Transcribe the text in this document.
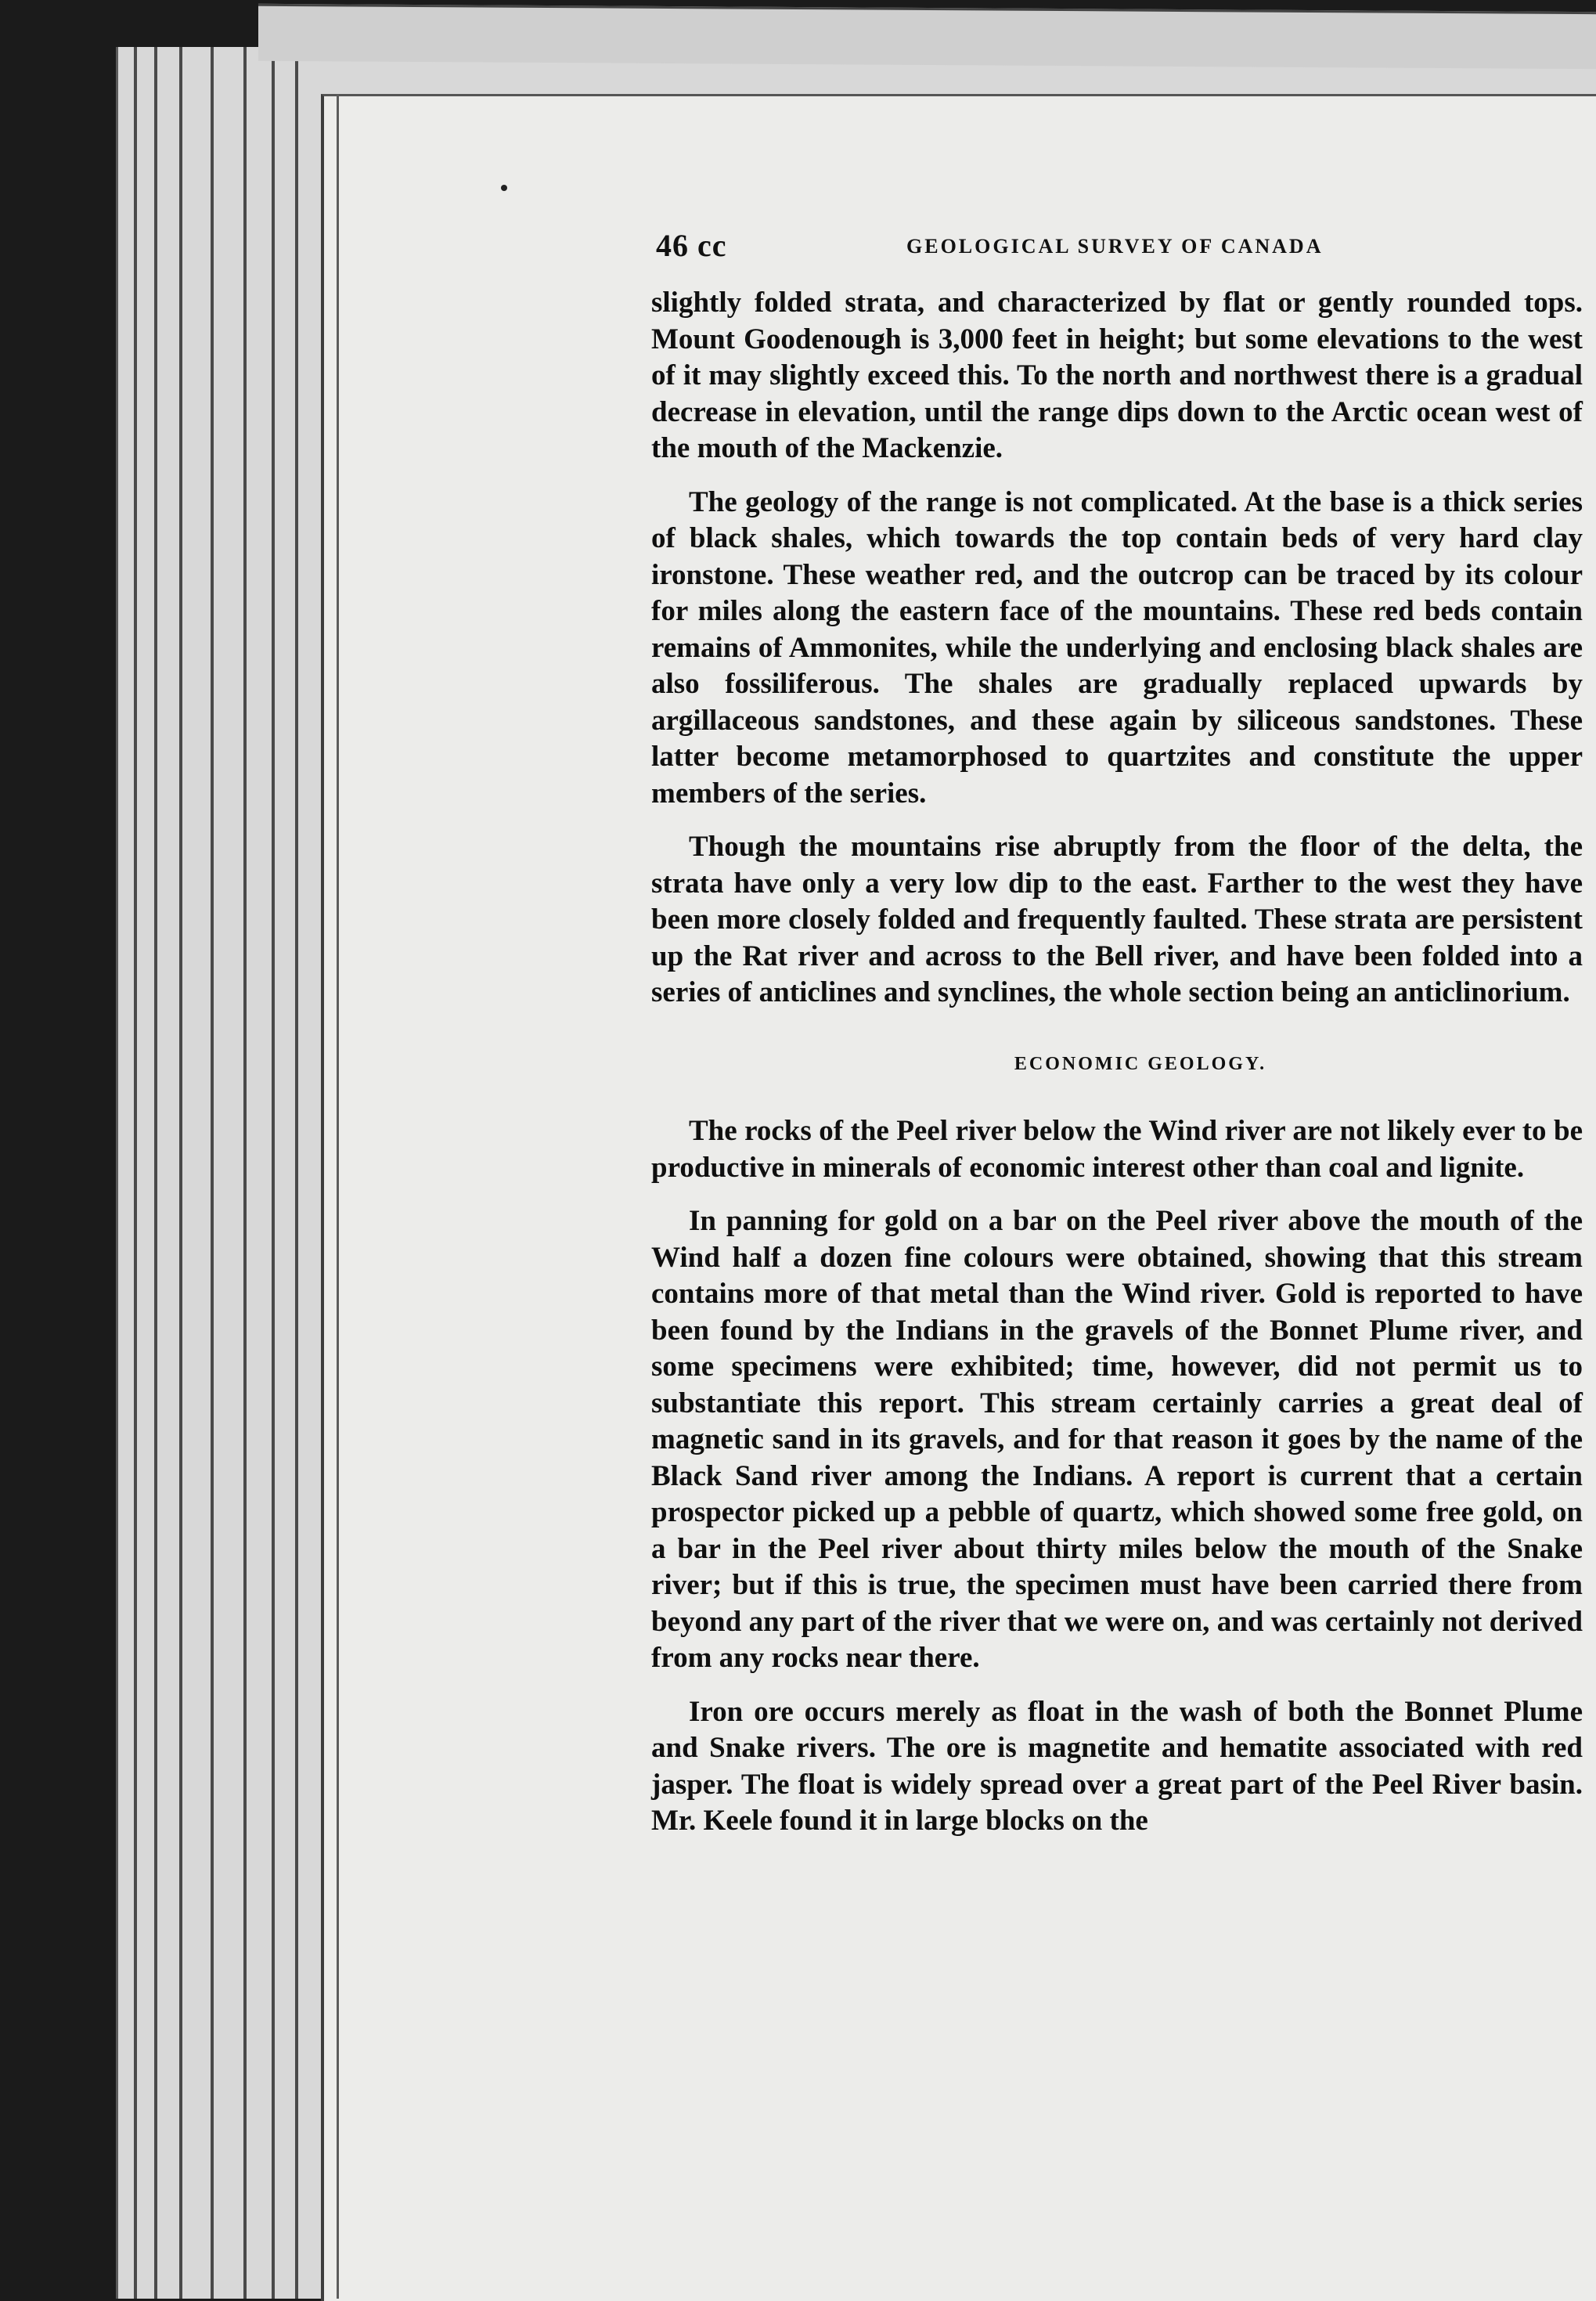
46 cc	GEOLOGICAL SURVEY OF CANADA

slightly folded strata, and characterized by flat or gently rounded tops. Mount Goodenough is 3,000 feet in height; but some elevations to the west of it may slightly exceed this. To the north and northwest there is a gradual decrease in elevation, until the range dips down to the Arctic ocean west of the mouth of the Mackenzie.

The geology of the range is not complicated. At the base is a thick series of black shales, which towards the top contain beds of very hard clay ironstone. These weather red, and the outcrop can be traced by its colour for miles along the eastern face of the mountains. These red beds contain remains of Ammonites, while the underlying and enclosing black shales are also fossiliferous. The shales are gradually replaced upwards by argillaceous sandstones, and these again by siliceous sandstones. These latter become metamorphosed to quartzites and constitute the upper members of the series.

Though the mountains rise abruptly from the floor of the delta, the strata have only a very low dip to the east. Farther to the west they have been more closely folded and frequently faulted. These strata are persistent up the Rat river and across to the Bell river, and have been folded into a series of anticlines and synclines, the whole section being an anticlinorium.

ECONOMIC GEOLOGY.

The rocks of the Peel river below the Wind river are not likely ever to be productive in minerals of economic interest other than coal and lignite.

In panning for gold on a bar on the Peel river above the mouth of the Wind half a dozen fine colours were obtained, showing that this stream contains more of that metal than the Wind river. Gold is reported to have been found by the Indians in the gravels of the Bonnet Plume river, and some specimens were exhibited; time, however, did not permit us to substantiate this report. This stream certainly carries a great deal of magnetic sand in its gravels, and for that reason it goes by the name of the Black Sand river among the Indians. A report is current that a certain prospector picked up a pebble of quartz, which showed some free gold, on a bar in the Peel river about thirty miles below the mouth of the Snake river; but if this is true, the specimen must have been carried there from beyond any part of the river that we were on, and was certainly not derived from any rocks near there.

Iron ore occurs merely as float in the wash of both the Bonnet Plume and Snake rivers. The ore is magnetite and hematite associated with red jasper. The float is widely spread over a great part of the Peel River basin. Mr. Keele found it in large blocks on the
